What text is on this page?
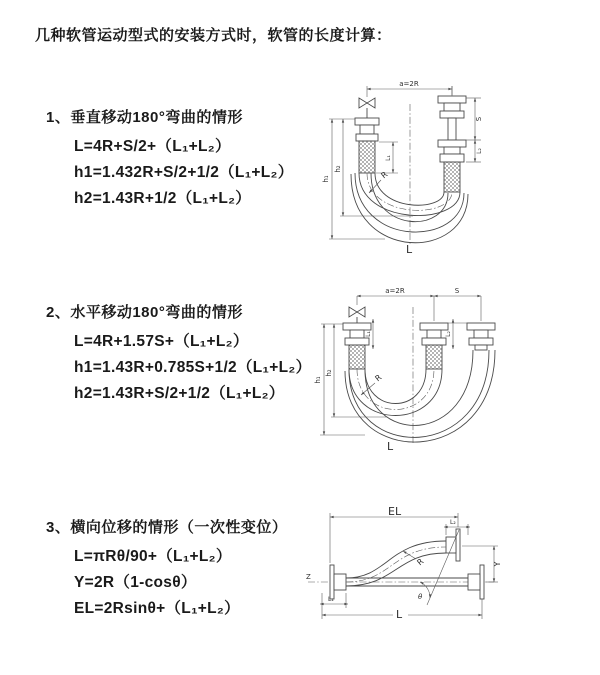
几种软管运动型式的安装方式时，软管的长度计算：
1、垂直移动180°弯曲的情形
L=4R+S/2+（L₁+L₂）
h1=1.432R+S/2+1/2（L₁+L₂）
h2=1.43R+1/2（L₁+L₂）
2、水平移动180°弯曲的情形
L=4R+1.57S+（L₁+L₂）
h1=1.43R+0.785S+1/2（L₁+L₂）
h2=1.43R+S/2+1/2（L₁+L₂）
3、横向位移的情形（一次性变位）
L=πRθ/90+（L₁+L₂）
Y=2R（1-cosθ）
EL=2Rsinθ+（L₁+L₂）
a=2R
h₁
h₂
L₁
S
L₂
R
L
a=2R	S
h₁
h₂
L₁	L₂
R
L
Z
θ
R
EL
L₂
Y
L
L₁
